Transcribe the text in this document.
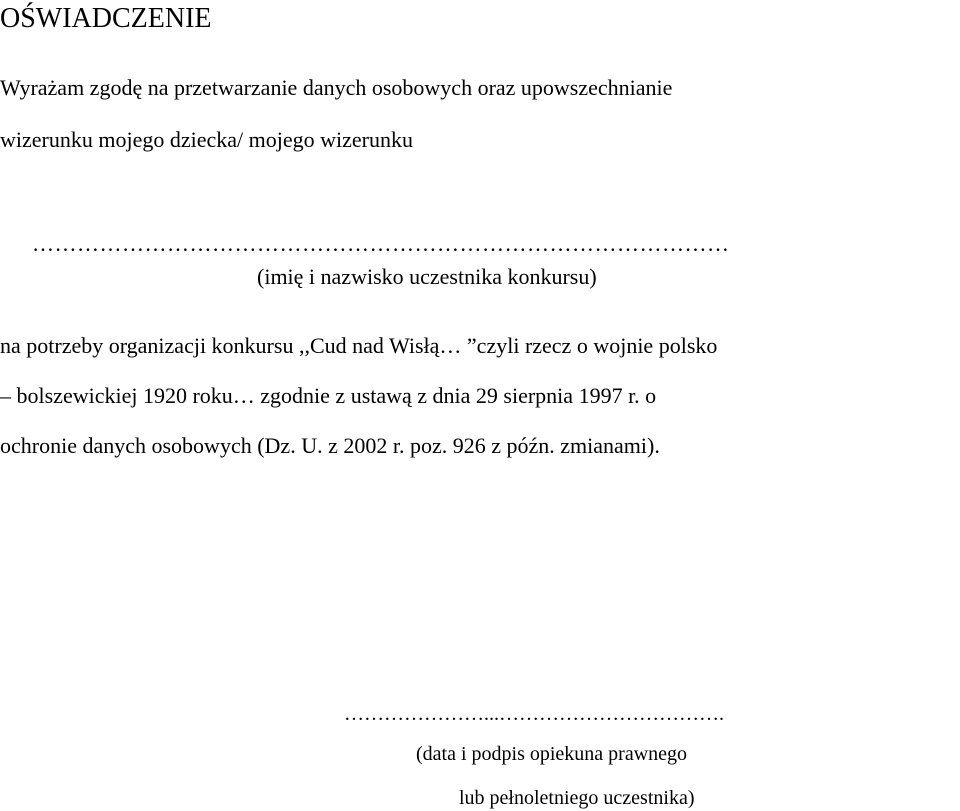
OŚWIADCZENIE
Wyrażam zgodę na przetwarzanie danych osobowych oraz upowszechnianie
wizerunku mojego dziecka/ mojego wizerunku
…………………………………………………………………………………
(imię i nazwisko uczestnika konkursu)
na potrzeby organizacji konkursu ,,Cud nad Wisłą… ”czyli rzecz o wojnie polsko
– bolszewickiej 1920 roku… zgodnie z ustawą z dnia 29 sierpnia 1997 r. o
ochronie danych osobowych (Dz. U. z 2002 r. poz. 926 z późn. zmianami).
…………………...…………………………….
(data i podpis opiekuna prawnego
lub pełnoletniego uczestnika)
